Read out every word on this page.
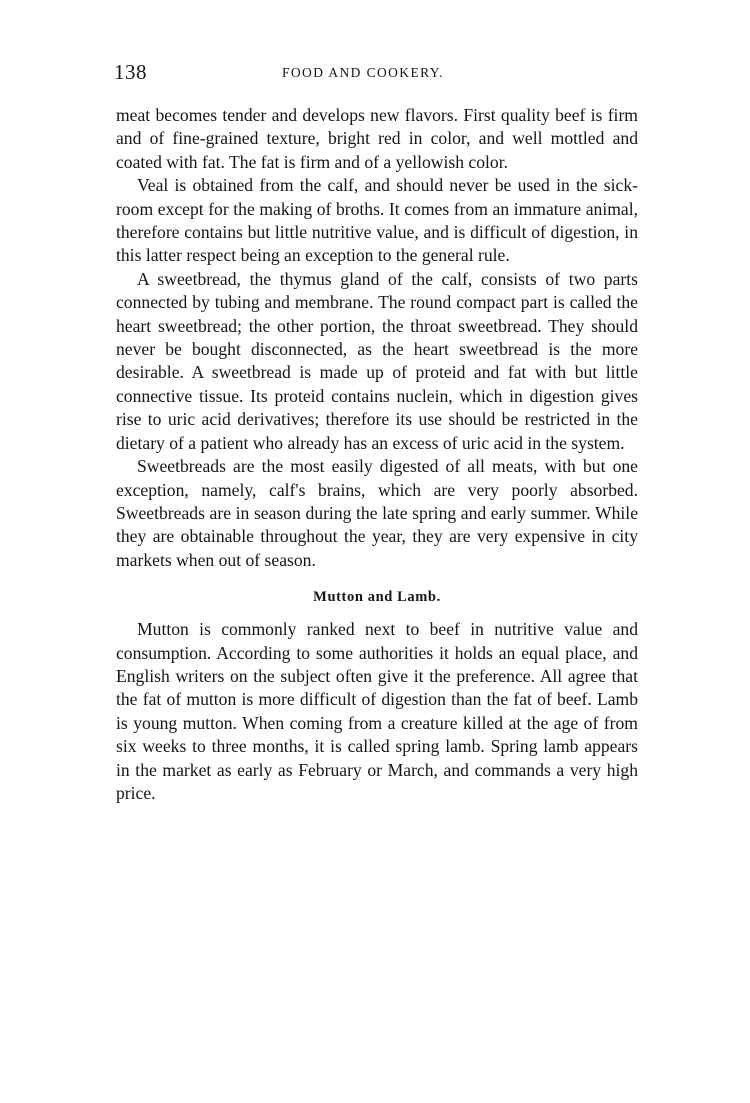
138	FOOD AND COOKERY.

meat becomes tender and develops new flavors. First quality beef is firm and of fine-grained texture, bright red in color, and well mottled and coated with fat. The fat is firm and of a yellowish color.

Veal is obtained from the calf, and should never be used in the sick-room except for the making of broths. It comes from an immature animal, therefore contains but little nutritive value, and is difficult of digestion, in this latter respect being an exception to the general rule.

A sweetbread, the thymus gland of the calf, consists of two parts connected by tubing and membrane. The round compact part is called the heart sweetbread; the other portion, the throat sweetbread. They should never be bought disconnected, as the heart sweetbread is the more desirable. A sweetbread is made up of proteid and fat with but little connective tissue. Its proteid contains nuclein, which in digestion gives rise to uric acid derivatives; therefore its use should be restricted in the dietary of a patient who already has an excess of uric acid in the system.

Sweetbreads are the most easily digested of all meats, with but one exception, namely, calf's brains, which are very poorly absorbed. Sweetbreads are in season during the late spring and early summer. While they are obtainable throughout the year, they are very expensive in city markets when out of season.

Mutton and Lamb.

Mutton is commonly ranked next to beef in nutritive value and consumption. According to some authorities it holds an equal place, and English writers on the subject often give it the preference. All agree that the fat of mutton is more difficult of digestion than the fat of beef. Lamb is young mutton. When coming from a creature killed at the age of from six weeks to three months, it is called spring lamb. Spring lamb appears in the market as early as February or March, and commands a very high price.
